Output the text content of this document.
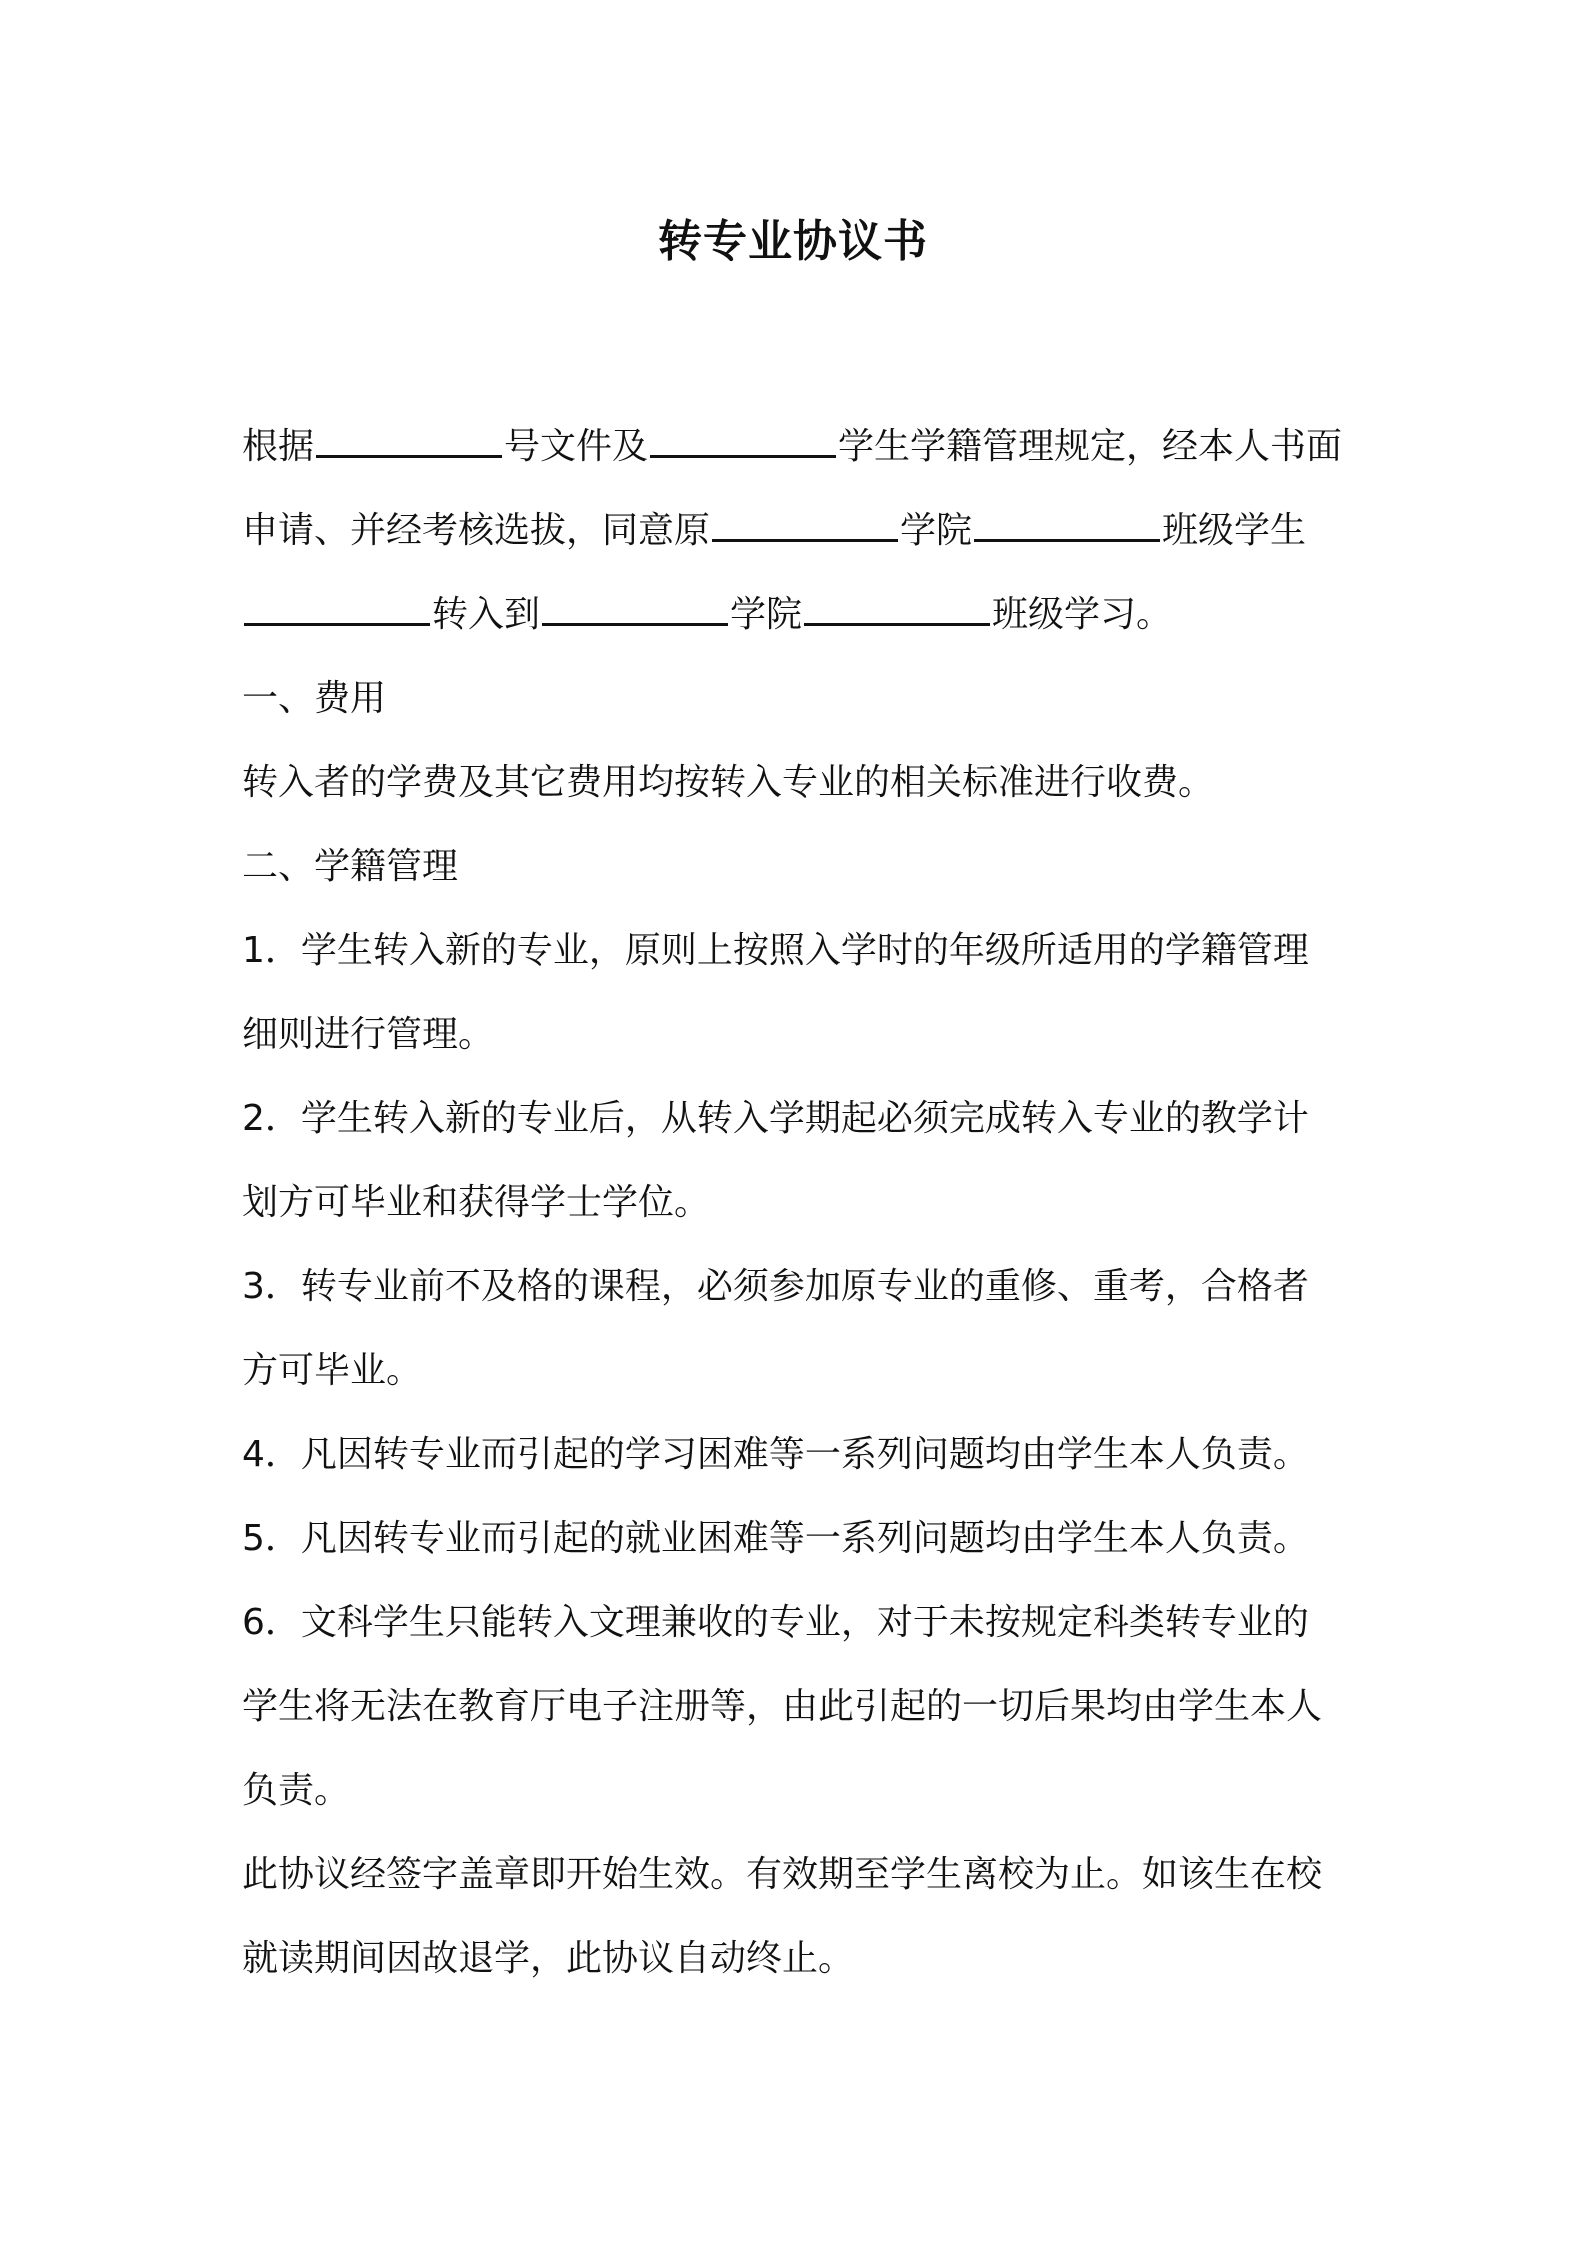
转专业协议书

根据	号文件及	学生学籍管理规定，经本人书面

申请、并经考核选拔，同意原	学院	班级学生

转入到	学院	班级学习。

一、费用

转入者的学费及其它费用均按转入专业的相关标准进行收费。

二、学籍管理

1．学生转入新的专业，原则上按照入学时的年级所适用的学籍管理

细则进行管理。

2．学生转入新的专业后，从转入学期起必须完成转入专业的教学计

划方可毕业和获得学士学位。

3．转专业前不及格的课程，必须参加原专业的重修、重考，合格者

方可毕业。

4．凡因转专业而引起的学习困难等一系列问题均由学生本人负责。

5．凡因转专业而引起的就业困难等一系列问题均由学生本人负责。

6．文科学生只能转入文理兼收的专业，对于未按规定科类转专业的

学生将无法在教育厅电子注册等，由此引起的一切后果均由学生本人

负责。

此协议经签字盖章即开始生效。有效期至学生离校为止。如该生在校

就读期间因故退学，此协议自动终止。
